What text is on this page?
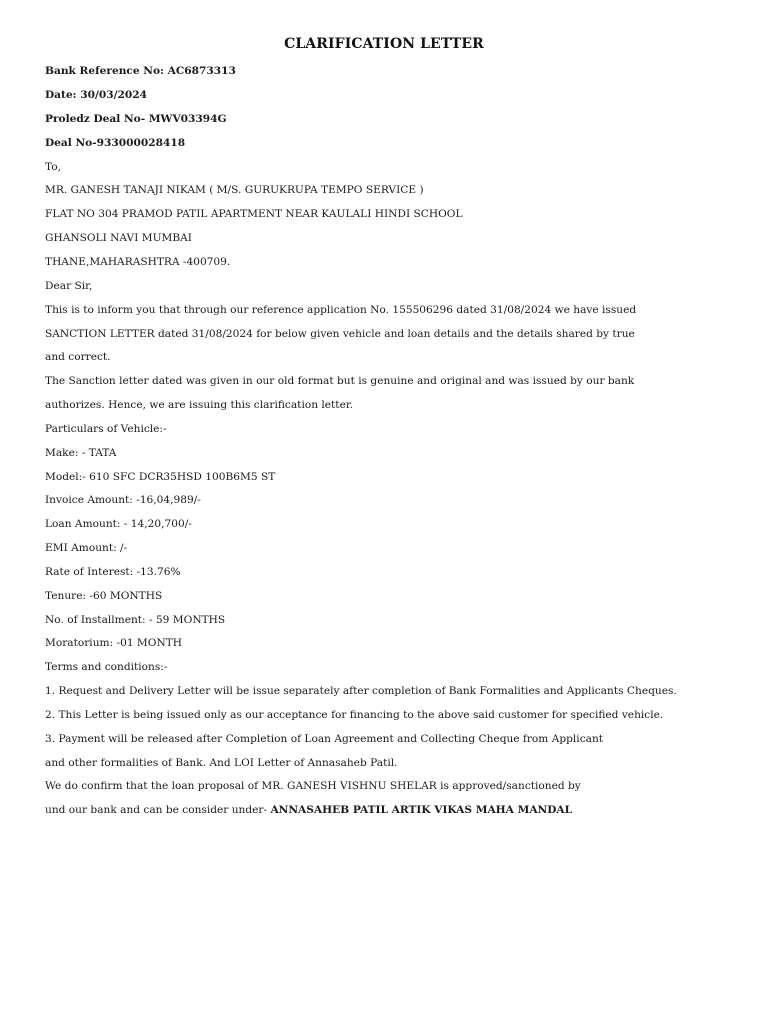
CLARIFICATION LETTER
Bank Reference No: AC6873313
Date: 30/03/2024
Proledz Deal No- MWV03394G
Deal No-933000028418
To,
MR. GANESH TANAJI NIKAM ( M/S. GURUKRUPA TEMPO SERVICE )
FLAT NO 304 PRAMOD PATIL APARTMENT NEAR KAULALI HINDI SCHOOL
GHANSOLI NAVI MUMBAI
THANE,MAHARASHTRA -400709.
Dear Sir,
This is to inform you that through our reference application No. 155506296 dated 31/08/2024 we have issued
SANCTION LETTER dated 31/08/2024 for below given vehicle and loan details and the details shared by true
and correct.
The Sanction letter dated was given in our old format but is genuine and original and was issued by our bank
authorizes. Hence, we are issuing this clarification letter.
Particulars of Vehicle:-
Make: - TATA
Model:- 610 SFC DCR35HSD 100B6M5 ST
Invoice Amount: -16,04,989/-
Loan Amount: - 14,20,700/-
EMI Amount: /-
Rate of Interest: -13.76%
Tenure: -60 MONTHS
No. of Installment: - 59 MONTHS
Moratorium: -01 MONTH
Terms and conditions:-
1. Request and Delivery Letter will be issue separately after completion of Bank Formalities and Applicants Cheques.
2. This Letter is being issued only as our acceptance for financing to the above said customer for specified vehicle.
3. Payment will be released after Completion of Loan Agreement and Collecting Cheque from Applicant
and other formalities of Bank. And LOI Letter of Annasaheb Patil.
We do confirm that the loan proposal of MR. GANESH VISHNU SHELAR is approved/sanctioned by
und our bank and can be consider under- ANNASAHEB PATIL ARTIK VIKAS MAHA MANDAL
